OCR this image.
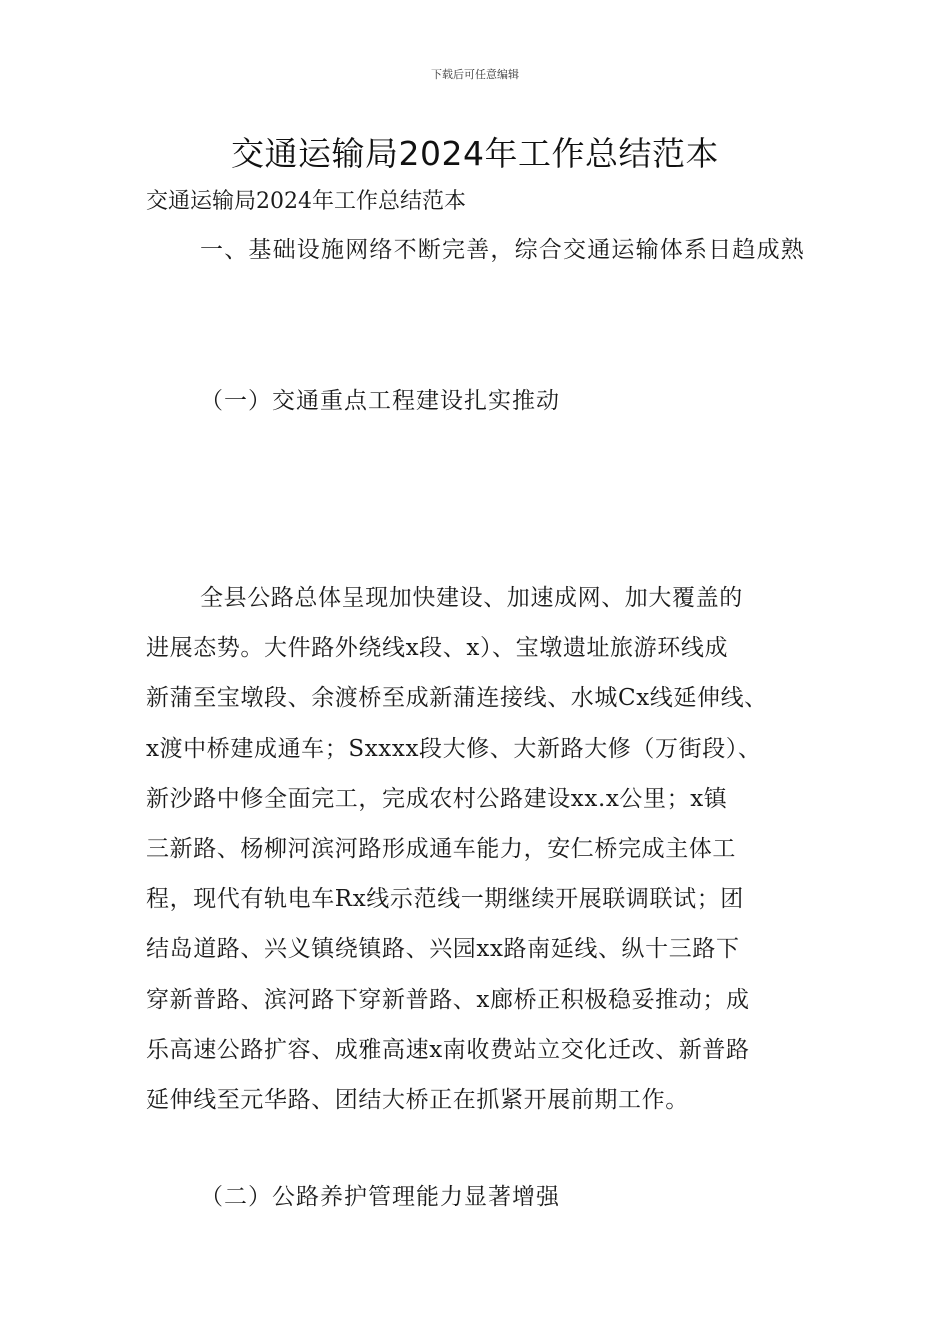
下载后可任意编辑
交通运输局2024年工作总结范本
交通运输局2024年工作总结范本
一、基础设施网络不断完善，综合交通运输体系日趋成熟
（一）交通重点工程建设扎实推动
全县公路总体呈现加快建设、加速成网、加大覆盖的
进展态势。大件路外绕线x段、x）、宝墩遗址旅游环线成
新蒲至宝墩段、余渡桥至成新蒲连接线、水城Cx线延伸线、
x渡中桥建成通车；Sxxxx段大修、大新路大修（万街段）、
新沙路中修全面完工，完成农村公路建设xx.x公里；x镇
三新路、杨柳河滨河路形成通车能力，安仁桥完成主体工
程，现代有轨电车Rx线示范线一期继续开展联调联试；团
结岛道路、兴义镇绕镇路、兴园xx路南延线、纵十三路下
穿新普路、滨河路下穿新普路、x廊桥正积极稳妥推动；成
乐高速公路扩容、成雅高速x南收费站立交化迁改、新普路
延伸线至元华路、团结大桥正在抓紧开展前期工作。
（二）公路养护管理能力显著增强
